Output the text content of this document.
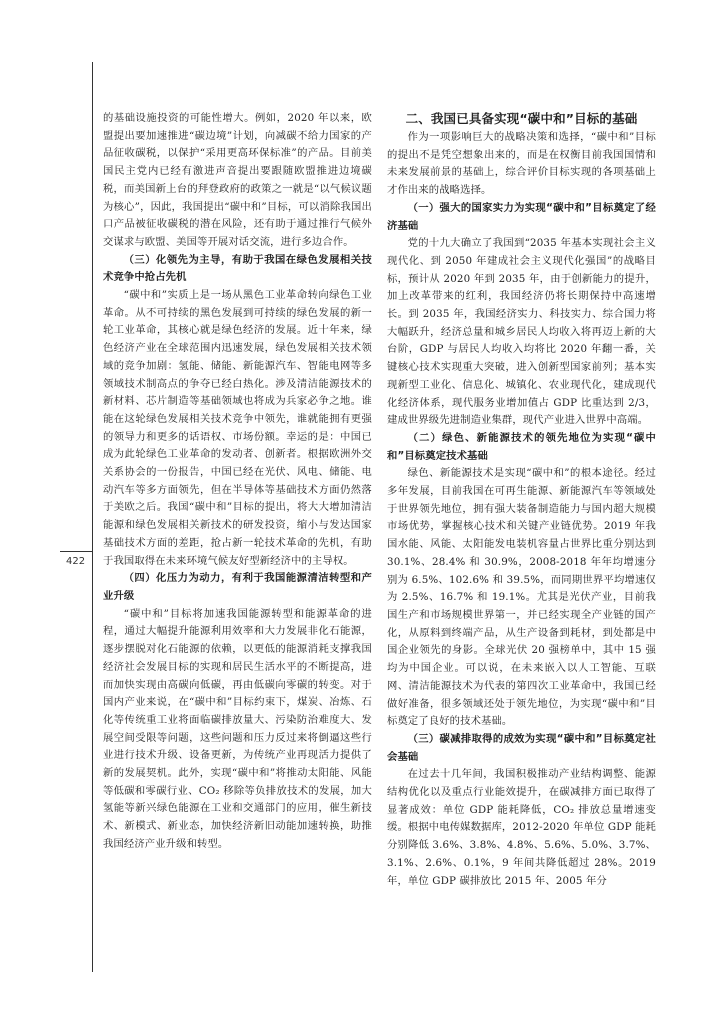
422

的基础设施投资的可能性增大。例如，2020 年以来，欧盟提出要加速推进“碳边境”计划，向减碳不给力国家的产品征收碳税，以保护“采用更高环保标准”的产品。目前美国民主党内已经有激进声音提出要跟随欧盟推进边境碳税，而美国新上台的拜登政府的政策之一就是“以气候议题为核心”，因此，我国提出“碳中和”目标，可以消除我国出口产品被征收碳税的潜在风险，还有助于通过推行气候外交谋求与欧盟、美国等开展对话交流，进行多边合作。

（三）化领先为主导，有助于我国在绿色发展相关技术竞争中抢占先机

“碳中和”实质上是一场从黑色工业革命转向绿色工业革命。从不可持续的黑色发展到可持续的绿色发展的新一轮工业革命，其核心就是绿色经济的发展。近十年来，绿色经济产业在全球范围内迅速发展，绿色发展相关技术领域的竞争加剧：氢能、储能、新能源汽车、智能电网等多领域技术制高点的争夺已经白热化。涉及清洁能源技术的新材料、芯片制造等基础领域也将成为兵家必争之地。谁能在这轮绿色发展相关技术竞争中领先，谁就能拥有更强的领导力和更多的话语权、市场份额。幸运的是：中国已成为此轮绿色工业革命的发动者、创新者。根据欧洲外交关系协会的一份报告，中国已经在光伏、风电、储能、电动汽车等多方面领先，但在半导体等基础技术方面仍然落于美欧之后。我国“碳中和”目标的提出，将大大增加清洁能源和绿色发展相关新技术的研发投资，缩小与发达国家基础技术方面的差距，抢占新一轮技术革命的先机，有助于我国取得在未来环境气候友好型新经济中的主导权。

（四）化压力为动力，有利于我国能源清洁转型和产业升级

“碳中和”目标将加速我国能源转型和能源革命的进程，通过大幅提升能源利用效率和大力发展非化石能源，逐步摆脱对化石能源的依赖，以更低的能源消耗支撑我国经济社会发展目标的实现和居民生活水平的不断提高，进而加快实现由高碳向低碳，再由低碳向零碳的转变。对于国内产业来说，在“碳中和”目标约束下，煤炭、冶炼、石化等传统重工业将面临碳排放量大、污染防治难度大、发展空间受限等问题，这些问题和压力反过来将倒逼这些行业进行技术升级、设备更新，为传统产业再现活力提供了新的发展契机。此外，实现“碳中和”将推动太阳能、风能等低碳和零碳行业、CO₂ 移除等负排放技术的发展，加大氢能等新兴绿色能源在工业和交通部门的应用，催生新技术、新模式、新业态，加快经济新旧动能加速转换，助推我国经济产业升级和转型。

二、我国已具备实现“碳中和”目标的基础

作为一项影响巨大的战略决策和选择，“碳中和”目标的提出不是凭空想象出来的，而是在权衡目前我国国情和未来发展前景的基础上，综合评价目标实现的各项基础上才作出来的战略选择。

（一）强大的国家实力为实现“碳中和”目标奠定了经济基础

党的十九大确立了我国到“2035 年基本实现社会主义现代化、到 2050 年建成社会主义现代化强国”的战略目标，预计从 2020 年到 2035 年，由于创新能力的提升，加上改革带来的红利，我国经济仍将长期保持中高速增长。到 2035 年，我国经济实力、科技实力、综合国力将大幅跃升，经济总量和城乡居民人均收入将再迈上新的大台阶，GDP 与居民人均收入均将比 2020 年翻一番，关键核心技术实现重大突破，进入创新型国家前列；基本实现新型工业化、信息化、城镇化、农业现代化，建成现代化经济体系，现代服务业增加值占 GDP 比重达到 2/3，建成世界级先进制造业集群，现代产业进入世界中高端。

（二）绿色、新能源技术的领先地位为实现“碳中和”目标奠定技术基础

绿色、新能源技术是实现“碳中和”的根本途径。经过多年发展，目前我国在可再生能源、新能源汽车等领域处于世界领先地位，拥有强大装备制造能力与国内超大规模市场优势，掌握核心技术和关键产业链优势。2019 年我国水能、风能、太阳能发电装机容量占世界比重分别达到 30.1%、28.4% 和 30.9%，2008-2018 年年均增速分别为 6.5%、102.6% 和 39.5%，而同期世界平均增速仅为 2.5%、16.7% 和 19.1%。尤其是光伏产业，目前我国生产和市场规模世界第一，并已经实现全产业链的国产化，从原料到终端产品，从生产设备到耗材，到处都是中国企业领先的身影。全球光伏 20 强榜单中，其中 15 强均为中国企业。可以说，在未来嵌入以人工智能、互联网、清洁能源技术为代表的第四次工业革命中，我国已经做好准备，很多领域还处于领先地位，为实现“碳中和”目标奠定了良好的技术基础。

（三）碳减排取得的成效为实现“碳中和”目标奠定社会基础

在过去十几年间，我国积极推动产业结构调整、能源结构优化以及重点行业能效提升，在碳减排方面已取得了显著成效：单位 GDP 能耗降低，CO₂ 排放总量增速变缓。根据中电传媒数据库，2012-2020 年单位 GDP 能耗分别降低 3.6%、3.8%、4.8%、5.6%、5.0%、3.7%、3.1%、2.6%、0.1%，9 年间共降低超过 28%。2019 年，单位 GDP 碳排放比 2015 年、2005 年分
